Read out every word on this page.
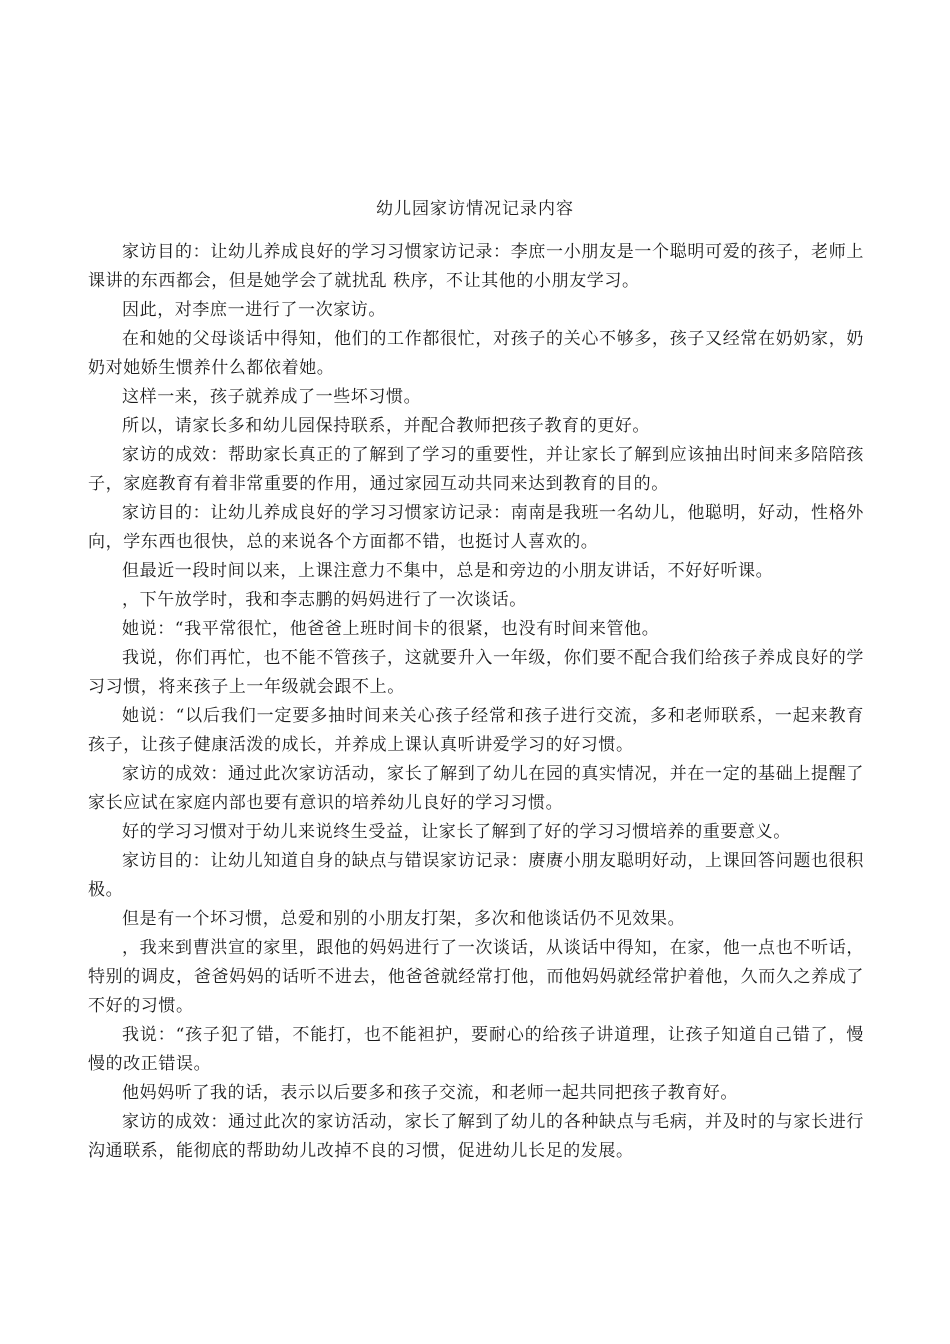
幼儿园家访情况记录内容

家访目的：让幼儿养成良好的学习习惯家访记录：李庶一小朋友是一个聪明可爱的孩子，老师上课讲的东西都会，但是她学会了就扰乱 秩序，不让其他的小朋友学习。

因此，对李庶一进行了一次家访。

在和她的父母谈话中得知，他们的工作都很忙，对孩子的关心不够多，孩子又经常在奶奶家，奶奶对她娇生惯养什么都依着她。

这样一来，孩子就养成了一些坏习惯。

所以，请家长多和幼儿园保持联系，并配合教师把孩子教育的更好。

家访的成效：帮助家长真正的了解到了学习的重要性，并让家长了解到应该抽出时间来多陪陪孩子，家庭教育有着非常重要的作用，通过家园互动共同来达到教育的目的。

家访目的：让幼儿养成良好的学习习惯家访记录：南南是我班一名幼儿，他聪明，好动，性格外向，学东西也很快，总的来说各个方面都不错，也挺讨人喜欢的。

但最近一段时间以来，上课注意力不集中，总是和旁边的小朋友讲话，不好好听课。

，下午放学时，我和李志鹏的妈妈进行了一次谈话。

她说：“我平常很忙，他爸爸上班时间卡的很紧，也没有时间来管他。

我说，你们再忙，也不能不管孩子，这就要升入一年级，你们要不配合我们给孩子养成良好的学习习惯，将来孩子上一年级就会跟不上。

她说：“以后我们一定要多抽时间来关心孩子经常和孩子进行交流，多和老师联系，一起来教育孩子，让孩子健康活泼的成长，并养成上课认真听讲爱学习的好习惯。

家访的成效：通过此次家访活动，家长了解到了幼儿在园的真实情况，并在一定的基础上提醒了家长应试在家庭内部也要有意识的培养幼儿良好的学习习惯。

好的学习习惯对于幼儿来说终生受益，让家长了解到了好的学习习惯培养的重要意义。

家访目的：让幼儿知道自身的缺点与错误家访记录：赓赓小朋友聪明好动，上课回答问题也很积极。

但是有一个坏习惯，总爱和别的小朋友打架，多次和他谈话仍不见效果。

，我来到曹洪宣的家里，跟他的妈妈进行了一次谈话，从谈话中得知，在家，他一点也不听话，特别的调皮，爸爸妈妈的话听不进去，他爸爸就经常打他，而他妈妈就经常护着他，久而久之养成了不好的习惯。

我说：“孩子犯了错，不能打，也不能袒护，要耐心的给孩子讲道理，让孩子知道自己错了，慢慢的改正错误。

他妈妈听了我的话，表示以后要多和孩子交流，和老师一起共同把孩子教育好。

家访的成效：通过此次的家访活动，家长了解到了幼儿的各种缺点与毛病，并及时的与家长进行沟通联系，能彻底的帮助幼儿改掉不良的习惯，促进幼儿长足的发展。
